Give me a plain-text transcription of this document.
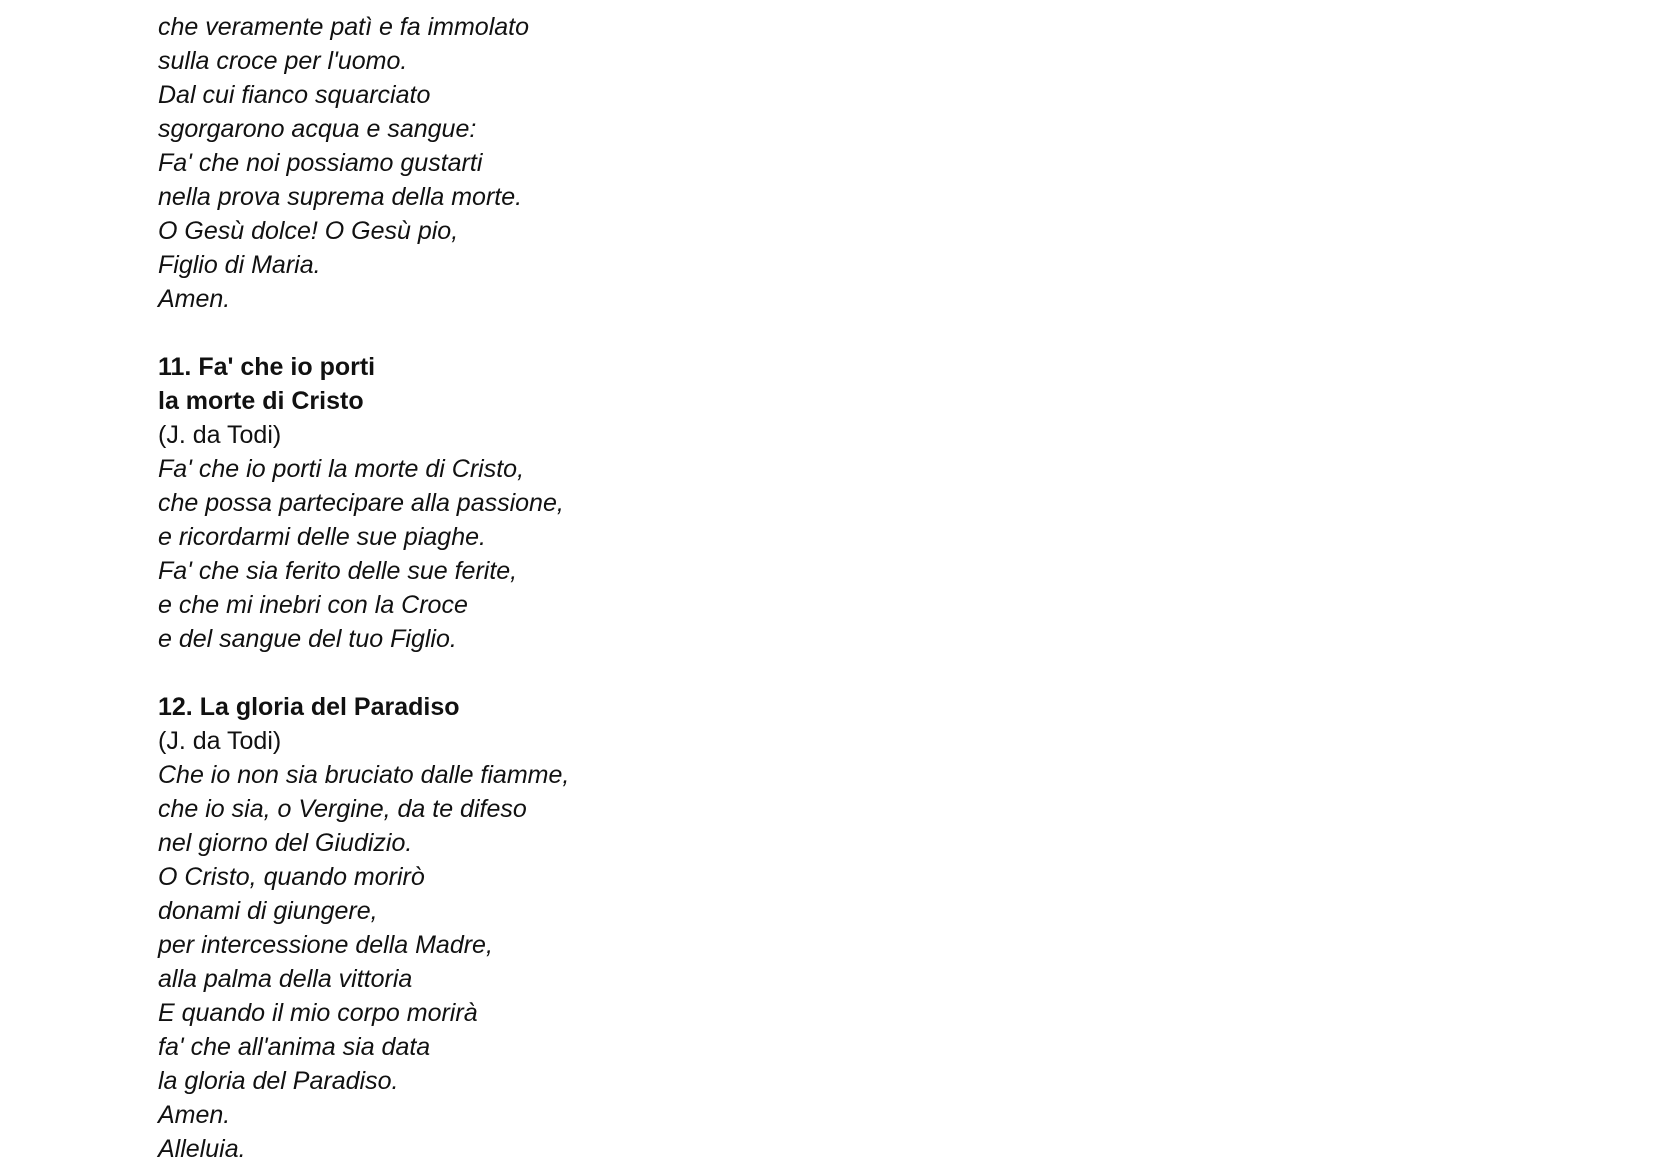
che veramente patì e fa immolato
sulla croce per l'uomo.
Dal cui fianco squarciato
sgorgarono acqua e sangue:
Fa' che noi possiamo gustarti
nella prova suprema della morte.
O Gesù dolce! O Gesù pio,
Figlio di Maria.
Amen.
11. Fa' che io porti
la morte di Cristo
(J. da Todi)
Fa' che io porti la morte di Cristo,
che possa partecipare alla passione,
e ricordarmi delle sue piaghe.
Fa' che sia ferito delle sue ferite,
e che mi inebri con la Croce
e del sangue del tuo Figlio.
12. La gloria del Paradiso
(J. da Todi)
Che io non sia bruciato dalle fiamme,
che io sia, o Vergine, da te difeso
nel giorno del Giudizio.
O Cristo, quando morirò
donami di giungere,
per intercessione della Madre,
alla palma della vittoria
E quando il mio corpo morirà
fa' che all'anima sia data
la gloria del Paradiso.
Amen.
Alleluia.
